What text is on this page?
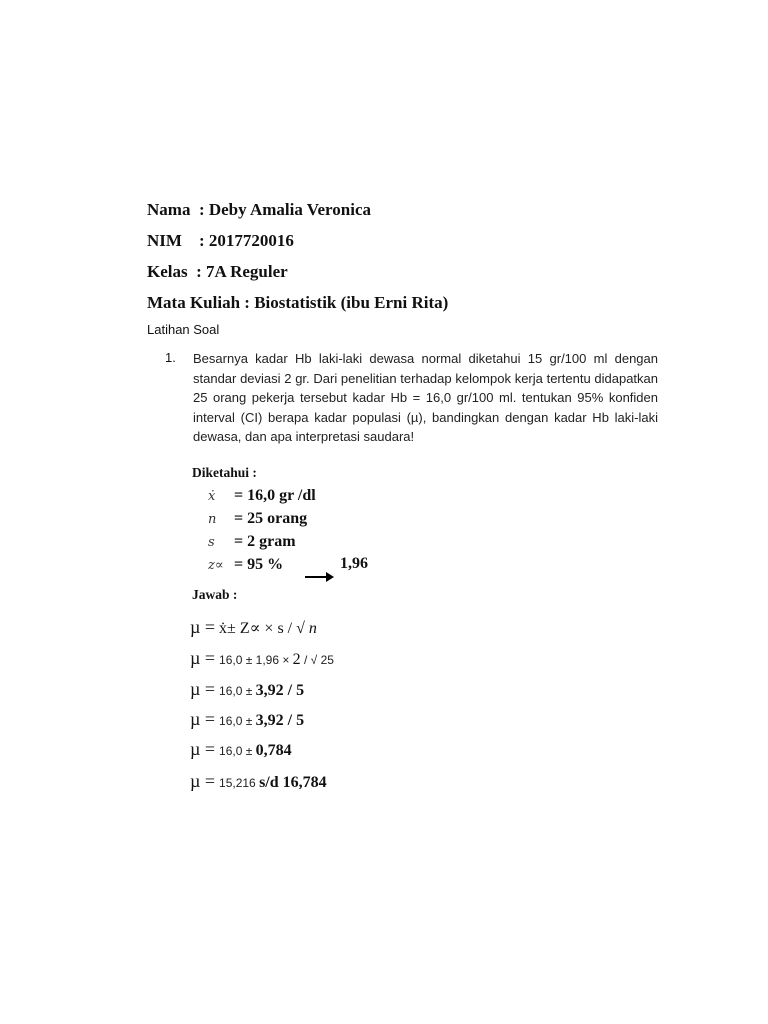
Nama  : Deby Amalia Veronica
NIM    : 2017720016
Kelas  : 7A Reguler
Mata Kuliah : Biostatistik (ibu Erni Rita)
Latihan Soal
1. Besarnya kadar Hb laki-laki dewasa normal diketahui 15 gr/100 ml dengan standar deviasi 2 gr. Dari penelitian terhadap kelompok kerja tertentu didapatkan 25 orang pekerja tersebut kadar Hb = 16,0 gr/100 ml. tentukan 95% konfiden interval (CI) berapa kadar populasi (µ), bandingkan dengan kadar Hb laki-laki dewasa, dan apa interpretasi saudara!
Diketahui :
ẋ = 16,0 gr /dl
n = 25 orang
s = 2 gram
z∝ = 95 %	1,96
Jawab :
µ = ẋ± Z∝ × s / √ n
µ = 16,0 ± 1,96 × 2 / √ 25
µ = 16,0 ± 3,92 / 5
µ = 16,0 ± 3,92 / 5
µ = 16,0 ± 0,784
µ = 15,216 s/d 16,784
